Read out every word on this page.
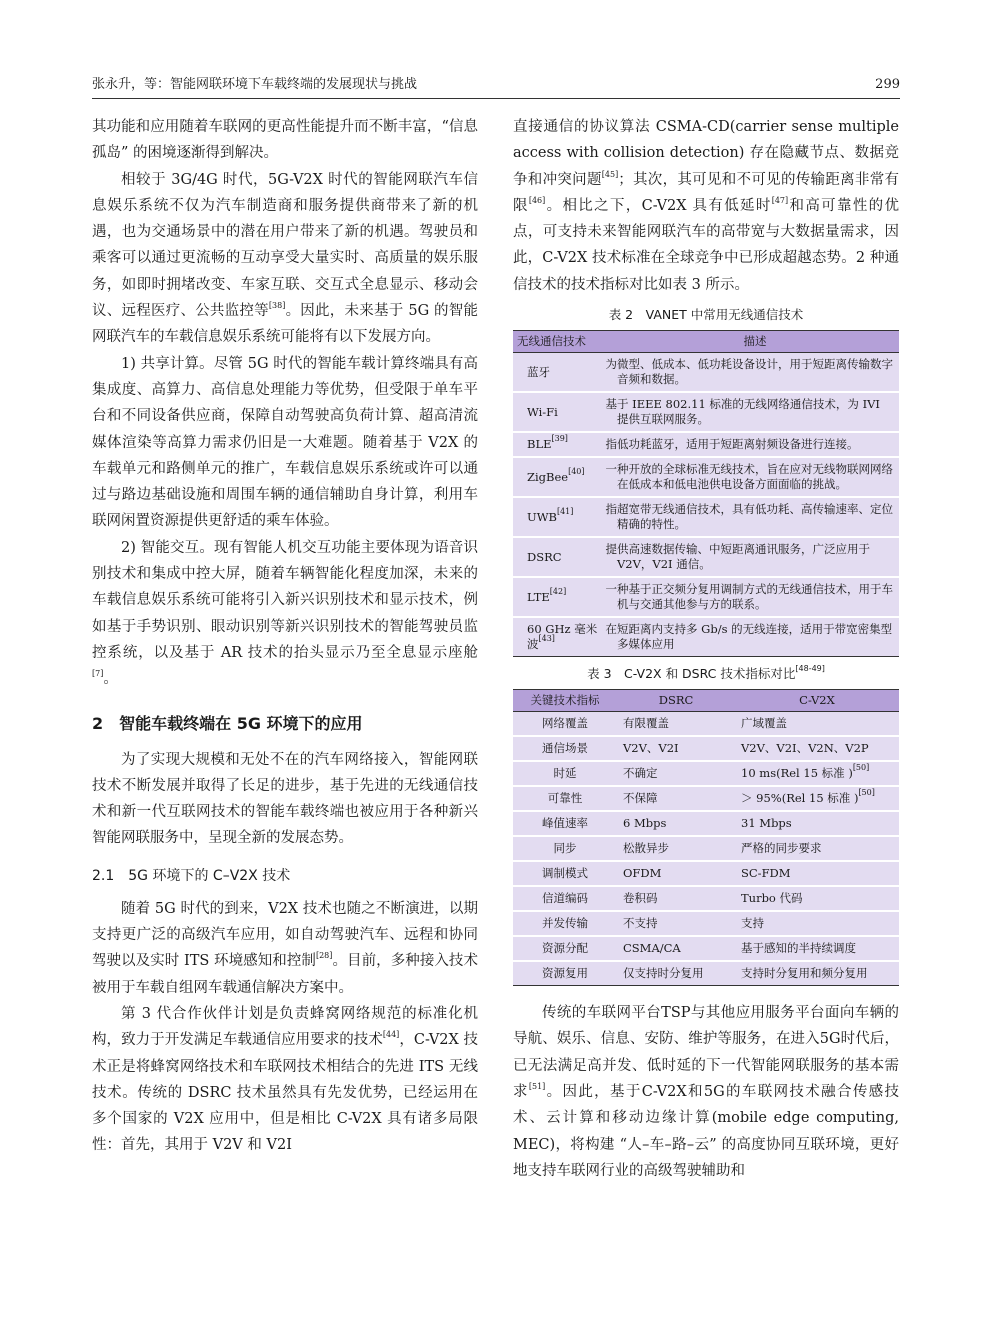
张永升，等：智能网联环境下车载终端的发展现状与挑战	299

其功能和应用随着车联网的更高性能提升而不断丰富，“信息孤岛” 的困境逐渐得到解决。

相较于 3G/4G 时代，5G-V2X 时代的智能网联汽车信息娱乐系统不仅为汽车制造商和服务提供商带来了新的机遇，也为交通场景中的潜在用户带来了新的机遇。驾驶员和乘客可以通过更流畅的互动享受大量实时、高质量的娱乐服务，如即时拥堵改变、车家互联、交互式全息显示、移动会议、远程医疗、公共监控等[38]。因此，未来基于 5G 的智能网联汽车的车载信息娱乐系统可能将有以下发展方向。

1) 共享计算。尽管 5G 时代的智能车载计算终端具有高集成度、高算力、高信息处理能力等优势，但受限于单车平台和不同设备供应商，保障自动驾驶高负荷计算、超高清流媒体渲染等高算力需求仍旧是一大难题。随着基于 V2X 的车载单元和路侧单元的推广，车载信息娱乐系统或许可以通过与路边基础设施和周围车辆的通信辅助自身计算，利用车联网闲置资源提供更舒适的乘车体验。

2) 智能交互。现有智能人机交互功能主要体现为语音识别技术和集成中控大屏，随着车辆智能化程度加深，未来的车载信息娱乐系统可能将引入新兴识别技术和显示技术，例如基于手势识别、眼动识别等新兴识别技术的智能驾驶员监控系统，以及基于 AR 技术的抬头显示乃至全息显示座舱[7]。

2　智能车载终端在 5G 环境下的应用

为了实现大规模和无处不在的汽车网络接入，智能网联技术不断发展并取得了长足的进步，基于先进的无线通信技术和新一代互联网技术的智能车载终端也被应用于各种新兴智能网联服务中，呈现全新的发展态势。

2.1　5G 环境下的 C–V2X 技术

随着 5G 时代的到来，V2X 技术也随之不断演进，以期支持更广泛的高级汽车应用，如自动驾驶汽车、远程和协同驾驶以及实时 ITS 环境感知和控制[28]。目前，多种接入技术被用于车载自组网车载通信解决方案中。

第 3 代合作伙伴计划是负责蜂窝网络规范的标准化机构，致力于开发满足车载通信应用要求的技术[44]，C-V2X 技术正是将蜂窝网络技术和车联网技术相结合的先进 ITS 无线技术。传统的 DSRC 技术虽然具有先发优势，已经运用在多个国家的 V2X 应用中，但是相比 C-V2X 具有诸多局限性：首先，其用于 V2V 和 V2I

直接通信的协议算法 CSMA-CD(carrier sense multiple access with collision detection) 存在隐藏节点、数据竞争和冲突问题[45]；其次，其可见和不可见的传输距离非常有限[46]。相比之下，C-V2X 具有低延时[47]和高可靠性的优点，可支持未来智能网联汽车的高带宽与大数据量需求，因此，C-V2X 技术标准在全球竞争中已形成超越态势。2 种通信技术的技术指标对比如表 3 所示。

表 2　VANET 中常用无线通信技术
无线通信技术	描述
蓝牙	为微型、低成本、低功耗设备设计，用于短距离传输数字音频和数据。
Wi-Fi	基于 IEEE 802.11 标准的无线网络通信技术，为 IVI 提供互联网服务。
BLE[39]	指低功耗蓝牙，适用于短距离射频设备进行连接。
ZigBee[40]	一种开放的全球标准无线技术，旨在应对无线物联网网络在低成本和低电池供电设备方面面临的挑战。
UWB[41]	指超宽带无线通信技术，具有低功耗、高传输速率、定位精确的特性。
DSRC	提供高速数据传输、中短距离通讯服务，广泛应用于 V2V，V2I 通信。
LTE[42]	一种基于正交频分复用调制方式的无线通信技术，用于车机与交通其他参与方的联系。
60 GHz 毫米波[43]	在短距离内支持多 Gb/s 的无线连接，适用于带宽密集型多媒体应用
表 3　C-V2X 和 DSRC 技术指标对比[48-49]
关键技术指标	DSRC	C-V2X
网络覆盖	有限覆盖	广域覆盖
通信场景	V2V、V2I	V2V、V2I、V2N、V2P
时延	不确定	10 ms(Rel 15 标准 )[50]
可靠性	不保障	＞ 95%(Rel 15 标准 )[50]
峰值速率	6 Mbps	31 Mbps
同步	松散异步	严格的同步要求
调制模式	OFDM	SC-FDM
信道编码	卷积码	Turbo 代码
并发传输	不支持	支持
资源分配	CSMA/CA	基于感知的半持续调度
资源复用	仅支持时分复用	支持时分复用和频分复用

传统的车联网平台TSP与其他应用服务平台面向车辆的导航、娱乐、信息、安防、维护等服务，在进入5G时代后，已无法满足高并发、低时延的下一代智能网联服务的基本需求[51]。因此，基于C-V2X和5G的车联网技术融合传感技术、云计算和移动边缘计算(mobile edge computing, MEC)，将构建 “人–车–路–云” 的高度协同互联环境，更好地支持车联网行业的高级驾驶辅助和
